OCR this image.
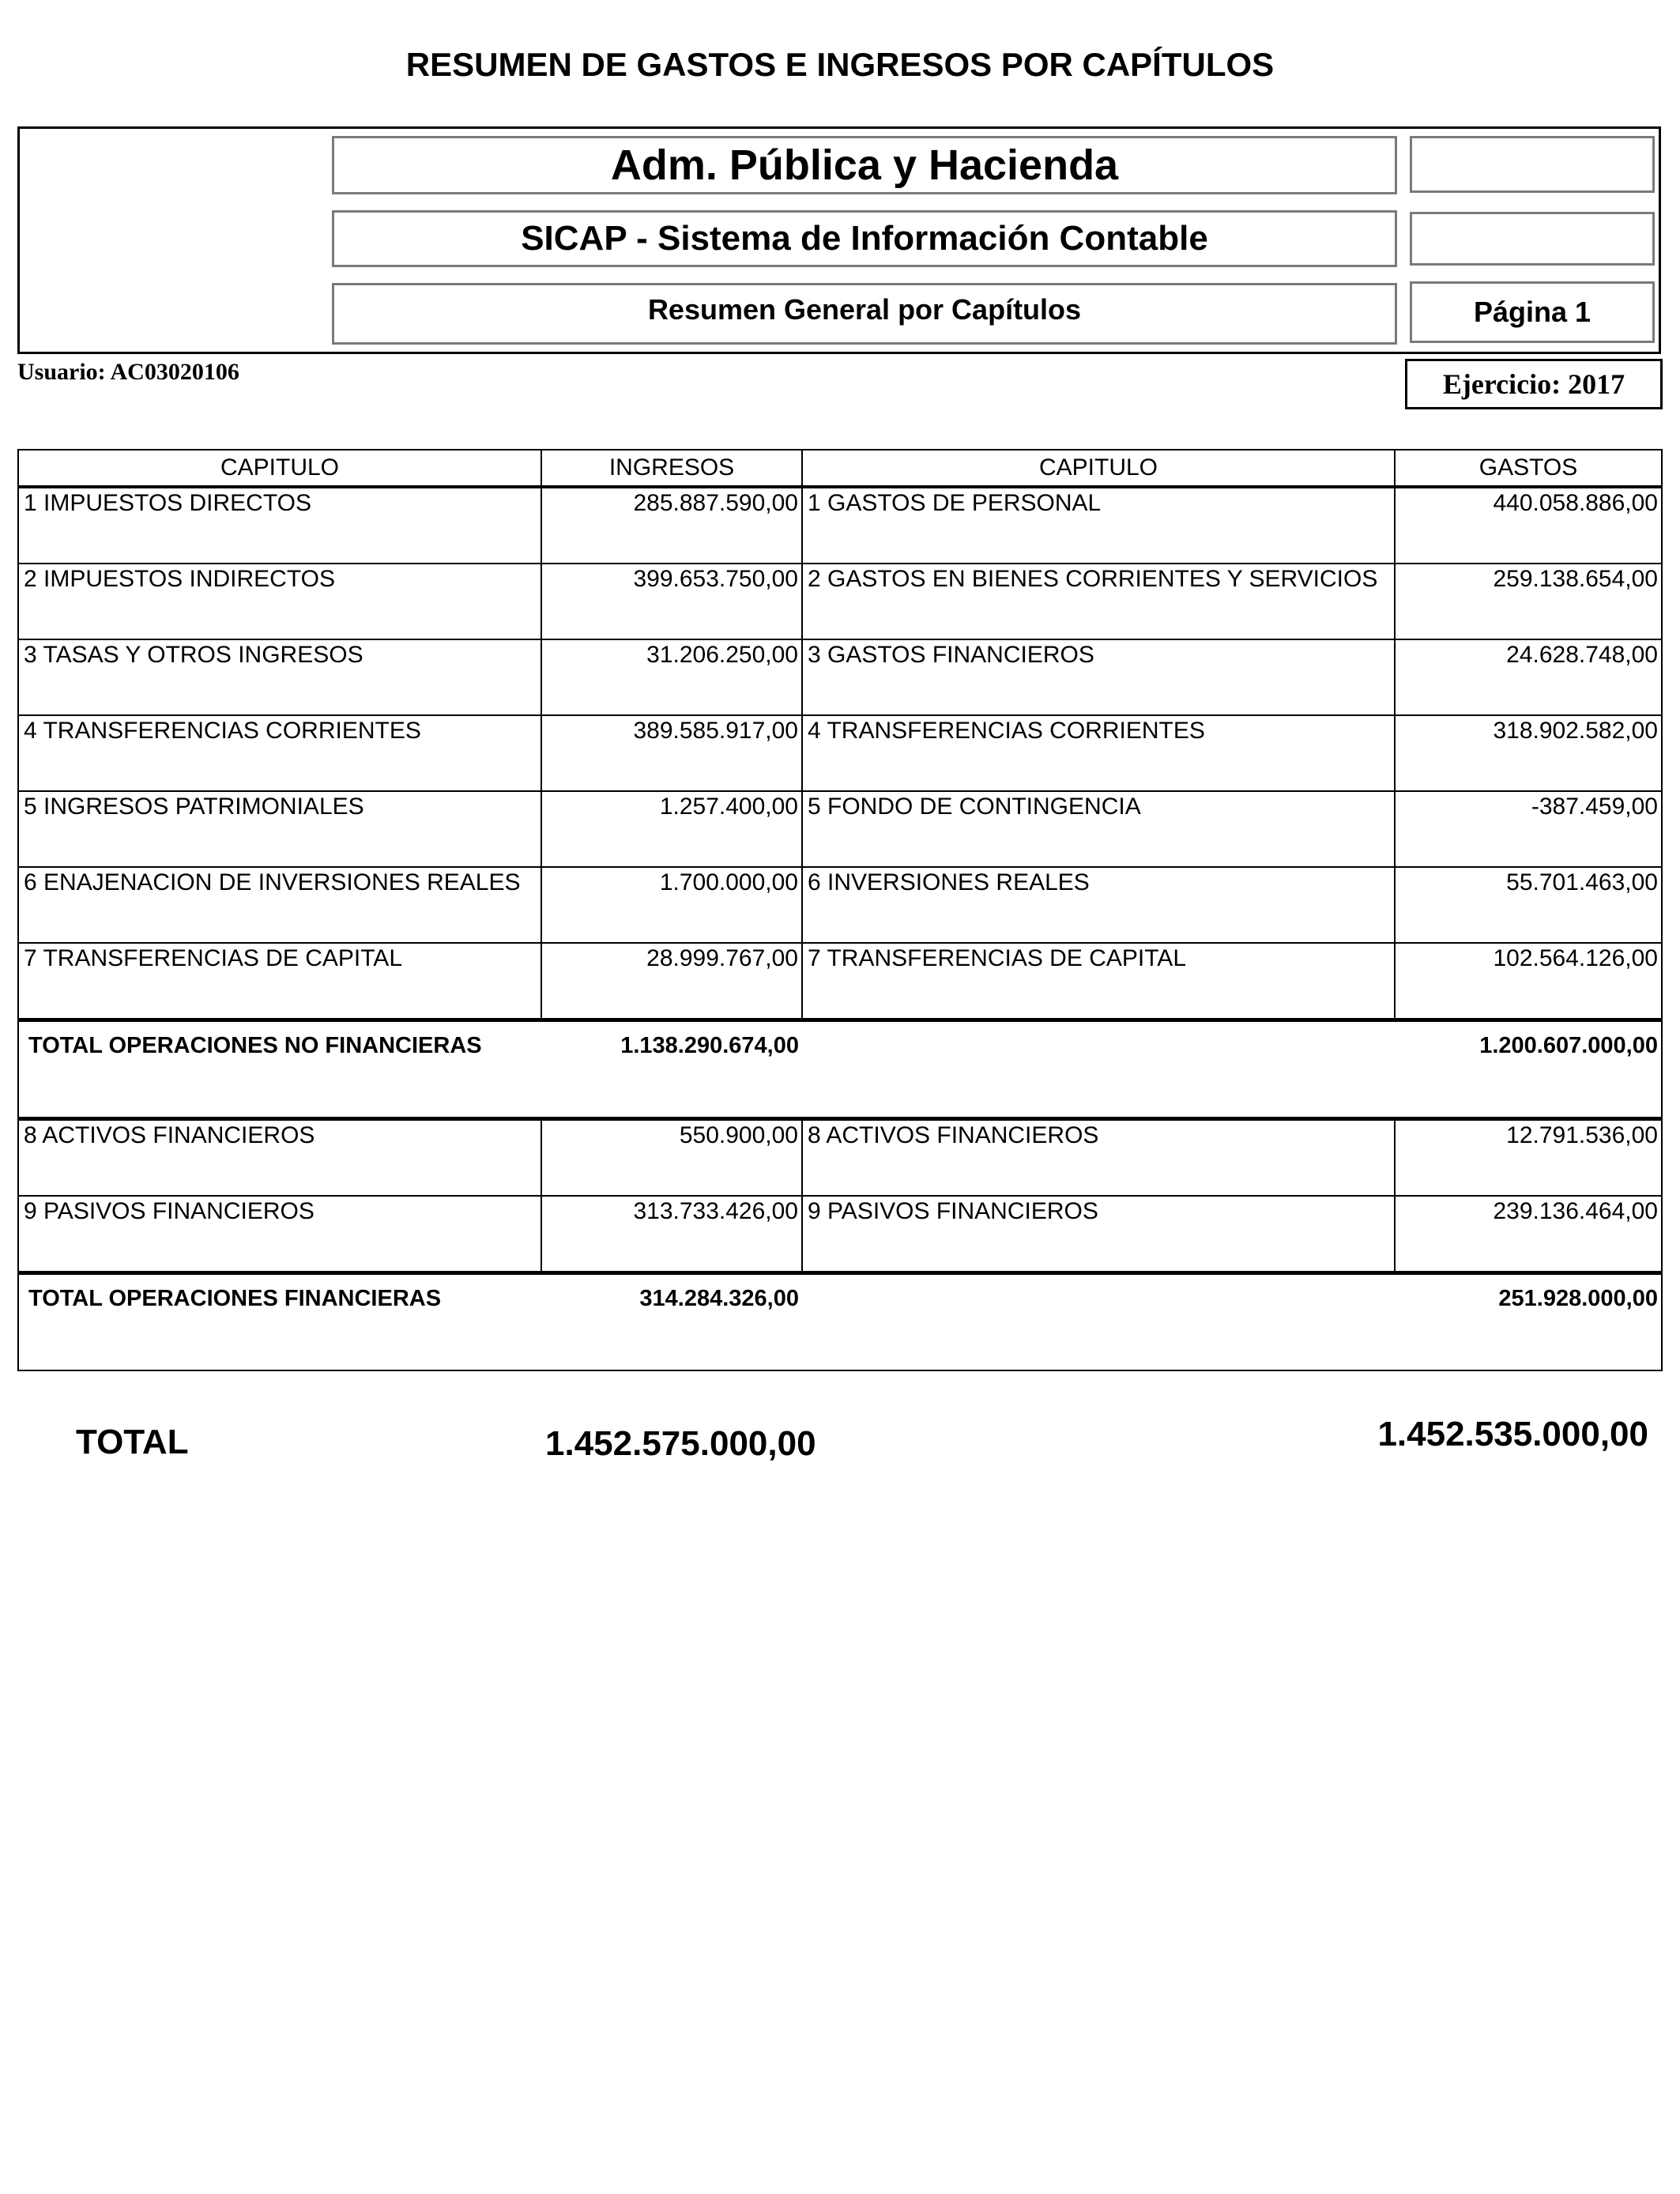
RESUMEN DE GASTOS E INGRESOS POR CAPÍTULOS
Adm. Pública y Hacienda
SICAP - Sistema de Información Contable
Resumen General por Capítulos	Página 1
Usuario: AC03020106	Ejercicio: 2017
CAPITULO	INGRESOS	CAPITULO	GASTOS
1 IMPUESTOS DIRECTOS	285.887.590,00	1 GASTOS DE PERSONAL	440.058.886,00
2 IMPUESTOS INDIRECTOS	399.653.750,00	2 GASTOS EN BIENES CORRIENTES Y SERVICIOS	259.138.654,00
3 TASAS Y OTROS INGRESOS	31.206.250,00	3 GASTOS FINANCIEROS	24.628.748,00
4 TRANSFERENCIAS CORRIENTES	389.585.917,00	4 TRANSFERENCIAS CORRIENTES	318.902.582,00
5 INGRESOS PATRIMONIALES	1.257.400,00	5 FONDO DE CONTINGENCIA	-387.459,00
6 ENAJENACION DE INVERSIONES REALES	1.700.000,00	6 INVERSIONES REALES	55.701.463,00
7 TRANSFERENCIAS DE CAPITAL	28.999.767,00	7 TRANSFERENCIAS DE CAPITAL	102.564.126,00
TOTAL OPERACIONES NO FINANCIERAS	1.138.290.674,00		1.200.607.000,00
8 ACTIVOS FINANCIEROS	550.900,00	8 ACTIVOS FINANCIEROS	12.791.536,00
9 PASIVOS FINANCIEROS	313.733.426,00	9 PASIVOS FINANCIEROS	239.136.464,00
TOTAL OPERACIONES FINANCIERAS	314.284.326,00		251.928.000,00
TOTAL	1.452.575.000,00	1.452.535.000,00
